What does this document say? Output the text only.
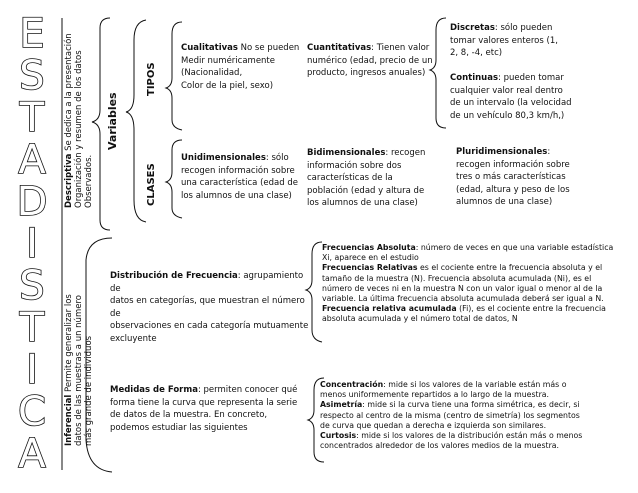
E
S
T
A
D
I
S
T
I
C
A
Descriptiva Se dedica a la presentación Organización y resumen de los datos Observados.
Inferencial Permite generalizar los datos de las muestras a un número más grande de individuos
Variables
TIPOS
CLASES
Cualitativas No se pueden
Medir numéricamente
(Nacionalidad,
Color de la piel, sexo)
Cuantitativas: Tienen valor
numérico (edad, precio de un
producto, ingresos anuales)
Discretas: sólo pueden
tomar valores enteros (1,
2, 8, -4, etc)
Continuas: pueden tomar
cualquier valor real dentro
de un intervalo (la velocidad
de un vehículo 80,3 km/h,)
Unidimensionales: sólo
recogen información sobre
una característica (edad de
los alumnos de una clase)
Bidimensionales: recogen
información sobre dos
características de la
población (edad y altura de
los alumnos de una clase)
Pluridimensionales:
recogen información sobre
tres o más características
(edad, altura y peso de los
alumnos de una clase)
Distribución de Frecuencia: agrupamiento de
datos en categorías, que muestran el número de
observaciones en cada categoría mutuamente
excluyente
Frecuencias Absoluta: número de veces en que una variable estadística
Xi, aparece en el estudio
Frecuencias Relativas es el cociente entre la frecuencia absoluta y el
tamaño de la muestra (N). Frecuencia absoluta acumulada (Ni), es el
número de veces ni en la muestra N con un valor igual o menor al de la
variable. La última frecuencia absoluta acumulada deberá ser igual a N.
Frecuencia relativa acumulada (Fi), es el cociente entre la frecuencia
absoluta acumulada y el número total de datos, N
Medidas de Forma: permiten conocer qué
forma tiene la curva que representa la serie
de datos de la muestra. En concreto,
podemos estudiar las siguientes
Concentración: mide si los valores de la variable están más o
menos uniformemente repartidos a lo largo de la muestra.
Asimetría: mide si la curva tiene una forma simétrica, es decir, si
respecto al centro de la misma (centro de simetría) los segmentos
de curva que quedan a derecha e izquierda son similares.
Curtosis: mide si los valores de la distribución están más o menos
concentrados alrededor de los valores medios de la muestra.
